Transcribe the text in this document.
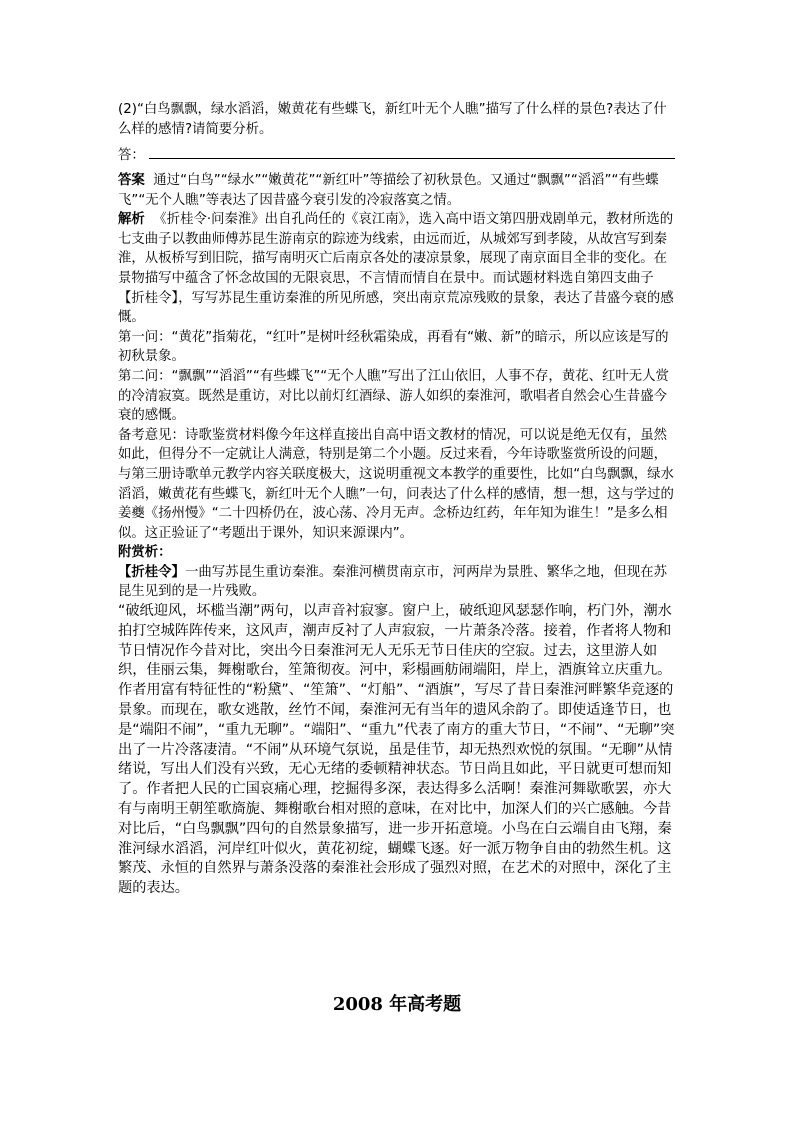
(2)“白鸟飘飘，绿水滔滔，嫩黄花有些蝶飞，新红叶无个人瞧”描写了什么样的景色?表达了什么样的感情?请简要分析。
答：

答案 通过“白鸟”“绿水”“嫩黄花”“新红叶”等描绘了初秋景色。又通过“飘飘”“滔滔”“有些蝶飞”“无个人瞧”等表达了因昔盛今衰引发的冷寂落寞之情。

解析 《折桂令·问秦淮》出自孔尚任的《哀江南》，选入高中语文第四册戏剧单元，教材所选的七支曲子以教曲师傅苏昆生游南京的踪迹为线索，由远而近，从城郊写到孝陵，从故宫写到秦淮，从板桥写到旧院，描写南明灭亡后南京各处的凄凉景象，展现了南京面目全非的变化。在景物描写中蕴含了怀念故国的无限哀思，不言情而情自在景中。而试题材料选自第四支曲子【折桂令】，写写苏昆生重访秦淮的所见所感，突出南京荒凉残败的景象，表达了昔盛今衰的感慨。

第一问：“黄花”指菊花，“红叶”是树叶经秋霜染成，再看有“嫩、新”的暗示，所以应该是写的初秋景象。

第二问：“飘飘”“滔滔”“有些蝶飞”“无个人瞧”写出了江山依旧，人事不存，黄花、红叶无人赏的冷清寂寞。既然是重访，对比以前灯红酒绿、游人如织的秦淮河，歌唱者自然会心生昔盛今衰的感慨。

备考意见：诗歌鉴赏材料像今年这样直接出自高中语文教材的情况，可以说是绝无仅有，虽然如此，但得分不一定就让人满意，特别是第二个小题。反过来看，今年诗歌鉴赏所设的问题，与第三册诗歌单元教学内容关联度极大，这说明重视文本教学的重要性，比如“白鸟飘飘，绿水滔滔，嫩黄花有些蝶飞，新红叶无个人瞧”一句，问表达了什么样的感情，想一想，这与学过的姜夔《扬州慢》“二十四桥仍在，波心荡、冷月无声。念桥边红药，年年知为谁生！”是多么相似。这正验证了“考题出于课外，知识来源课内”。

附赏析：

【折桂令】一曲写苏昆生重访秦淮。秦淮河横贯南京市，河两岸为景胜、繁华之地，但现在苏昆生见到的是一片残败。

“破纸迎风，坏槛当潮”两句，以声音衬寂寥。窗户上，破纸迎风瑟瑟作响，朽门外，潮水拍打空城阵阵传来，这风声，潮声反衬了人声寂寂，一片萧条冷落。接着，作者将人物和节日情况作今昔对比，突出今日秦淮河无人无乐无节日佳庆的空寂。过去，这里游人如织，佳丽云集，舞榭歌台，笙箫彻夜。河中，彩榻画舫闹端阳，岸上，酒旗耸立庆重九。作者用富有特征性的“粉黛”、“笙箫”、“灯船”、“酒旗”，写尽了昔日秦淮河畔繁华竞逐的景象。而现在，歌女逃散，丝竹不闻，秦淮河无有当年的遗风余韵了。即使适逢节日，也是“端阳不闹”，“重九无聊”。“端阳”、“重九”代表了南方的重大节日，“不闹”、“无聊”突出了一片冷落凄清。“不闹”从环境气氛说，虽是佳节，却无热烈欢悦的氛围。“无聊”从情绪说，写出人们没有兴致，无心无绪的委顿精神状态。节日尚且如此，平日就更可想而知了。作者把人民的亡国哀痛心理，挖掘得多深，表达得多么活啊！秦淮河舞歇歌罢，亦大有与南明王朝笙歌旖旎、舞榭歌台相对照的意味，在对比中，加深人们的兴亡感触。今昔对比后，“白鸟飘飘”四句的自然景象描写，进一步开拓意境。小鸟在白云端自由飞翔，秦淮河绿水滔滔，河岸红叶似火，黄花初绽，蝴蝶飞逐。好一派万物争自由的勃然生机。这繁茂、永恒的自然界与萧条没落的秦淮社会形成了强烈对照，在艺术的对照中，深化了主题的表达。

2008 年高考题
